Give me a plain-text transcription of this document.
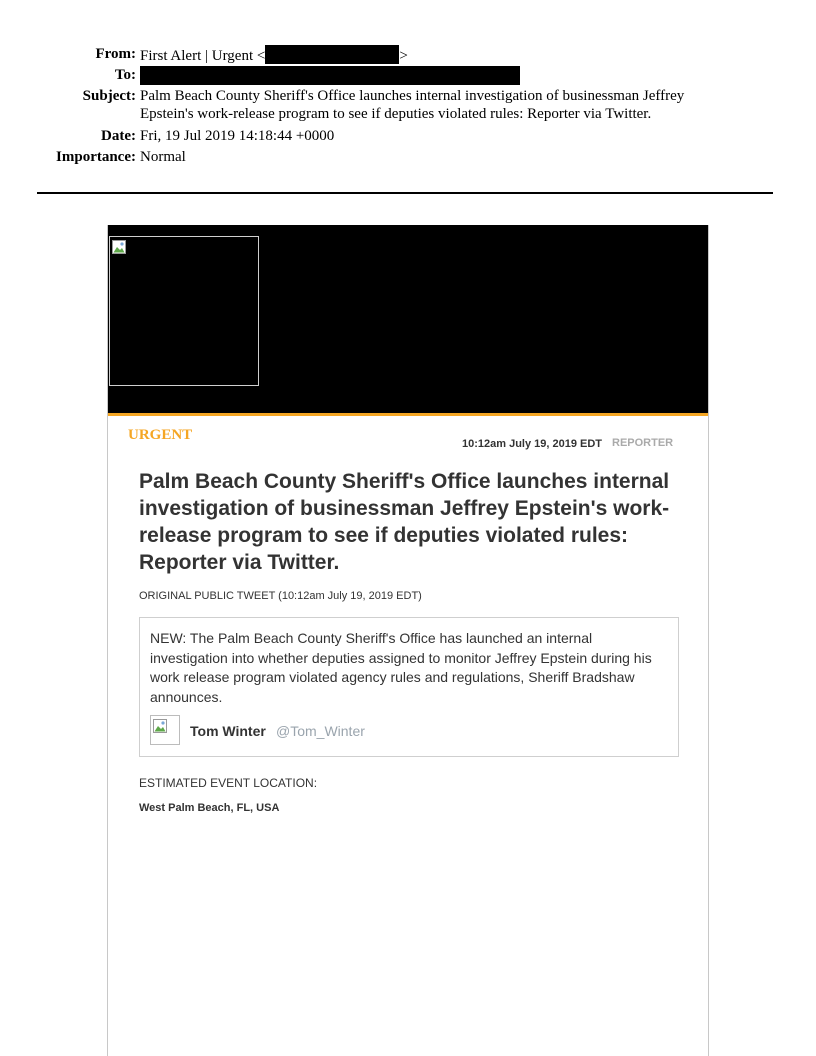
From: First Alert | Urgent <	>
To:
Subject: Palm Beach County Sheriff's Office launches internal investigation of businessman Jeffrey Epstein's work-release program to see if deputies violated rules: Reporter via Twitter.
Date: Fri, 19 Jul 2019 14:18:44 +0000
Importance: Normal
URGENT
10:12am July 19, 2019 EDT REPORTER
Palm Beach County Sheriff's Office launches internal investigation of businessman Jeffrey Epstein's work-release program to see if deputies violated rules: Reporter via Twitter.
ORIGINAL PUBLIC TWEET (10:12am July 19, 2019 EDT)
NEW: The Palm Beach County Sheriff's Office has launched an internal investigation into whether deputies assigned to monitor Jeffrey Epstein during his work release program violated agency rules and regulations, Sheriff Bradshaw announces.
Tom Winter @Tom_Winter
ESTIMATED EVENT LOCATION:
West Palm Beach, FL, USA
